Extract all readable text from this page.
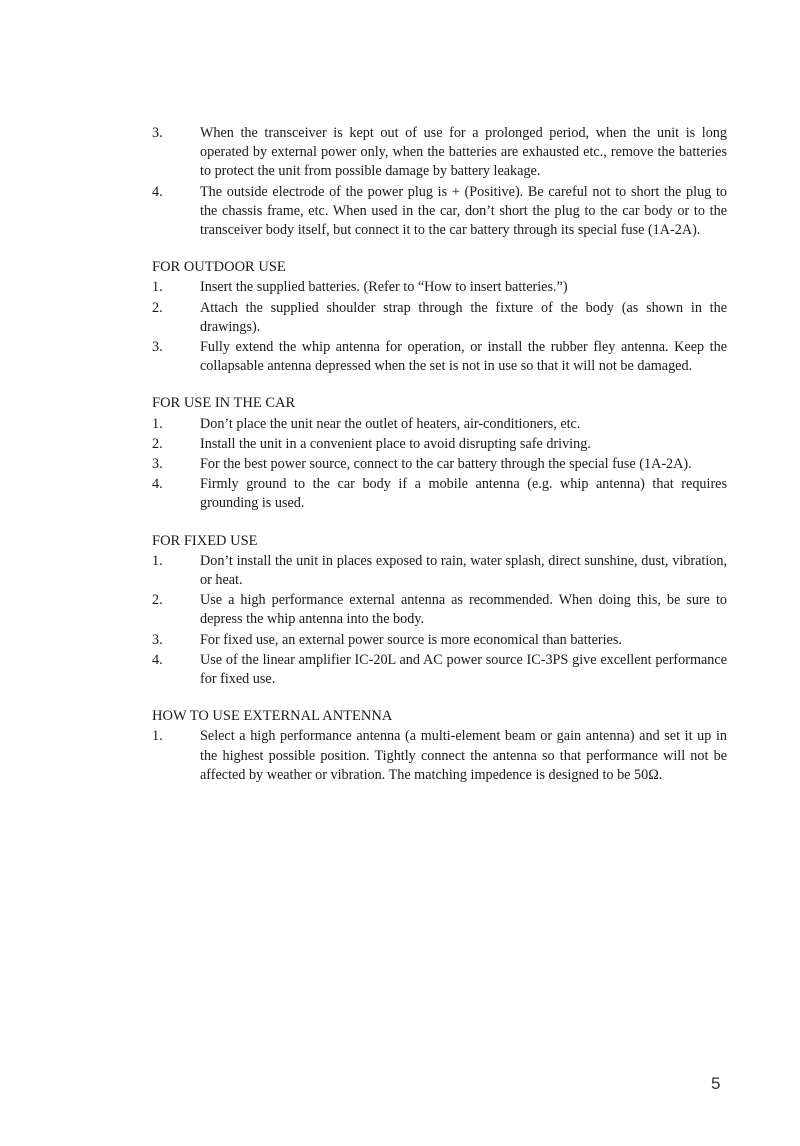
3.	When the transceiver is kept out of use for a prolonged period, when the unit is long operated by external power only, when the batteries are exhausted etc., remove the batteries to protect the unit from possible damage by battery leakage.
4.	The outside electrode of the power plug is + (Positive). Be careful not to short the plug to the chassis frame, etc. When used in the car, don’t short the plug to the car body or to the transceiver body itself, but connect it to the car battery through its special fuse (1A-2A).
FOR OUTDOOR USE
1.	Insert the supplied batteries. (Refer to “How to insert batteries.”)
2.	Attach the supplied shoulder strap through the fixture of the body (as shown in the drawings).
3.	Fully extend the whip antenna for operation, or install the rubber fley antenna. Keep the collapsable antenna depressed when the set is not in use so that it will not be damaged.
FOR USE IN THE CAR
1.	Don’t place the unit near the outlet of heaters, air-conditioners, etc.
2.	Install the unit in a convenient place to avoid disrupting safe driving.
3.	For the best power source, connect to the car battery through the special fuse (1A-2A).
4.	Firmly ground to the car body if a mobile antenna (e.g. whip antenna) that requires grounding is used.
FOR FIXED USE
1.	Don’t install the unit in places exposed to rain, water splash, direct sunshine, dust, vibration, or heat.
2.	Use a high performance external antenna as recommended. When doing this, be sure to depress the whip antenna into the body.
3.	For fixed use, an external power source is more economical than batteries.
4.	Use of the linear amplifier IC-20L and AC power source IC-3PS give excellent performance for fixed use.
HOW TO USE EXTERNAL ANTENNA
1.	Select a high performance antenna (a multi-element beam or gain antenna) and set it up in the highest possible position. Tightly connect the antenna so that performance will not be affected by weather or vibration. The matching impedence is designed to be 50Ω.
5
